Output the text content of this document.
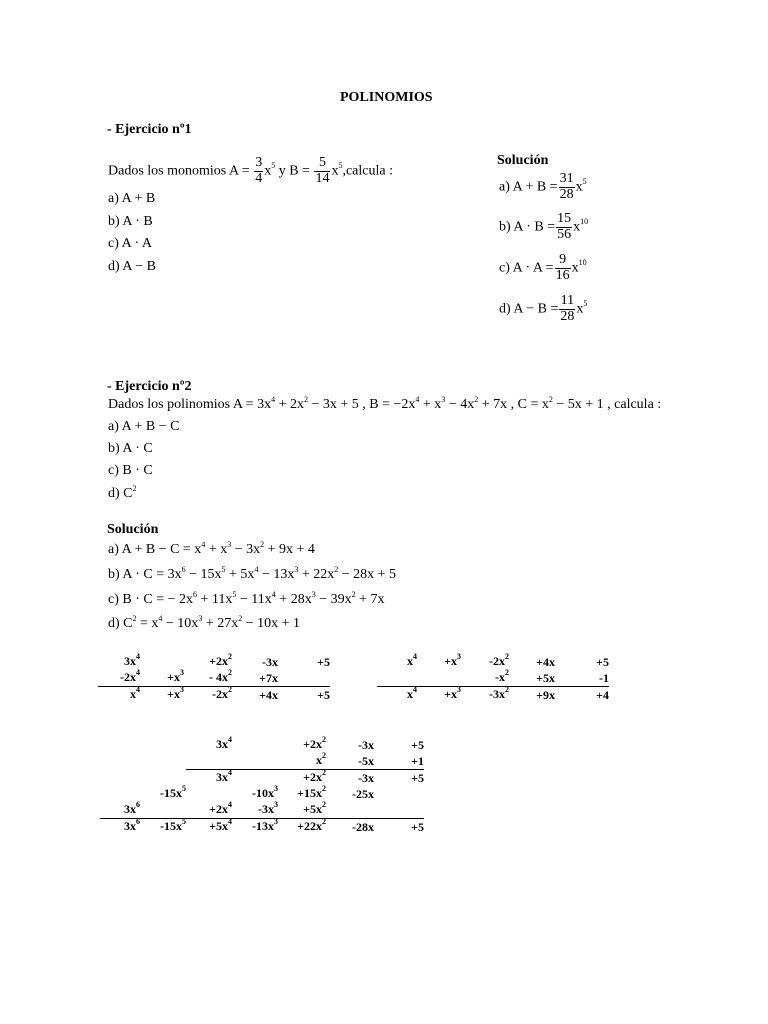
POLINOMIOS
- Ejercicio nº1
Dados los monomios $A = \frac{3}{4} x^5$ y $B = \frac{5}{14}$ $x^5,calcula$ :
a) A + B
b) A · B
c) A · A
d) A − B
Solución
a) $A + B = \frac{31}{28} x^5$
b) $A \cdot B = \frac{15}{56} x^{10}$
c) $A \cdot A = \frac{9}{16} x^{10}$
d) $A - B = \frac{11}{28} x^5$
- Ejercicio nº2
Dados los polinomios $A = 3x^4 + 2x^2 - 3x + 5$ , $B = -2x^4 + x^3 - 4x^2 + 7x$ , $C = x^2 - 5x + 1$ , calcula :
a) A + B − C
b) A · C
c) B · C
d) $C^2$
Solución
a) $A + B - C = x^4 + x^3 - 3x^2 + 9x + 4$
b) $A \cdot C = 3x^6 - 15x^5 + 5x^4 - 13x^3 + 22x^2 - 28x + 5$
c) B · C = − $2x^6 + 11x^5 - 11x^4 + 28x^3 - 39x^2 + 7x$
d) $C^2 = x^4 - 10x^3 + 27x^2 - 10x + 1$
$3x^4$		$+2x^2$	-3x	+5
$-2x^4$	$+x^3$	- $4x^2$	+7x	
$x^4$	$+x^3$	$-2x^2$	+4x	+5
$x^4$	$+x^3$	$-2x^2$	+4x	+5
		$-x^2$	+5x	-1
$x^4$	$+x^3$	$-3x^2$	+9x	+4
		$3x^4$		$+2x^2$	-3x	+5
				$x^2$	-5x	+1
		$3x^4$		$+2x^2$	-3x	+5
	$-15x^5$		$-10x^3$	$+15x^2$	-25x	
$3x^6$		$+2x^4$	$-3x^3$	$+5x^2$		
$3x^6$	$-15x^5$	$+5x^4$	$-13x^3$	$+22x^2$	-28x	+5
